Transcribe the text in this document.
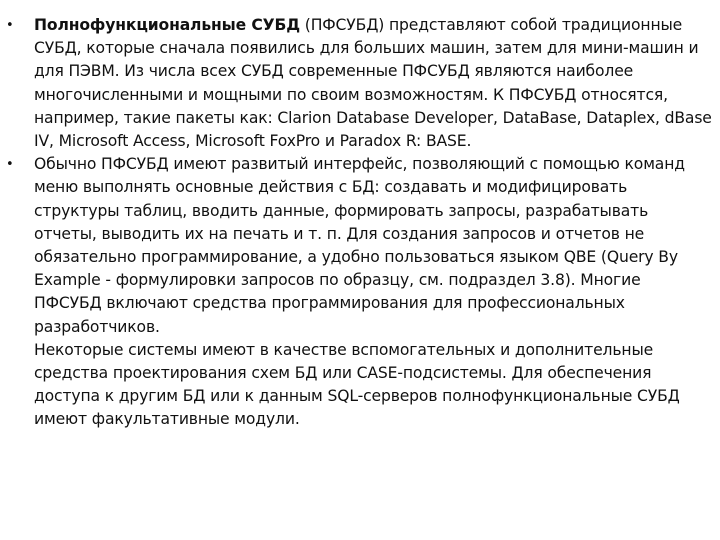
• Полнофункциональные СУБД (ПФСУБД) представляют собой традиционные СУБД, которые сначала появились для больших машин, затем для мини-машин и для ПЭВМ. Из числа всех СУБД современные ПФСУБД являются наиболее многочисленными и мощными по своим возможностям. К ПФСУБД относятся, например, такие пакеты как: Clarion Database Developer, DataBase, Dataplex, dBase IV, Microsoft Access, Microsoft FoxPro и Paradox R: BASE.
• Обычно ПФСУБД имеют развитый интерфейс, позволяющий с помощью команд меню выполнять основные действия с БД: создавать и модифицировать структуры таблиц, вводить данные, формировать запросы, разрабатывать отчеты, выводить их на печать и т. п. Для создания запросов и отчетов не обязательно программирование, а удобно пользоваться языком QBE (Query By Example - формулировки запросов по образцу, см. подраздел 3.8). Многие ПФСУБД включают средства программирования для профессиональных разработчиков.
Некоторые системы имеют в качестве вспомогательных и дополнительные средства проектирования схем БД или CASE-подсистемы. Для обеспечения доступа к другим БД или к данным SQL-серверов полнофункциональные СУБД имеют факультативные модули.
